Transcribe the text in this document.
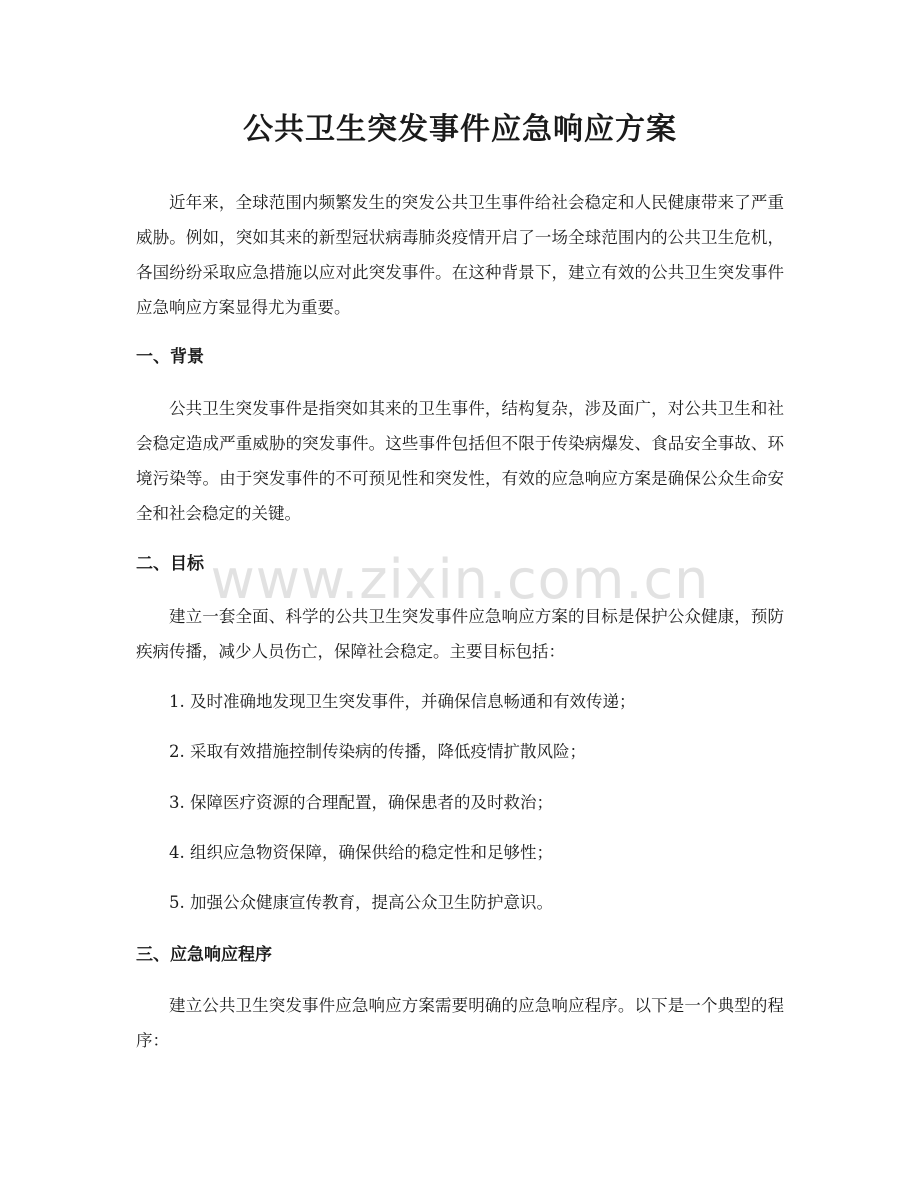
公共卫生突发事件应急响应方案

近年来，全球范围内频繁发生的突发公共卫生事件给社会稳定和人民健康带来了严重威胁。例如，突如其来的新型冠状病毒肺炎疫情开启了一场全球范围内的公共卫生危机，各国纷纷采取应急措施以应对此突发事件。在这种背景下，建立有效的公共卫生突发事件应急响应方案显得尤为重要。

一、背景

公共卫生突发事件是指突如其来的卫生事件，结构复杂，涉及面广，对公共卫生和社会稳定造成严重威胁的突发事件。这些事件包括但不限于传染病爆发、食品安全事故、环境污染等。由于突发事件的不可预见性和突发性，有效的应急响应方案是确保公众生命安全和社会稳定的关键。

二、目标

建立一套全面、科学的公共卫生突发事件应急响应方案的目标是保护公众健康，预防疾病传播，减少人员伤亡，保障社会稳定。主要目标包括：

1. 及时准确地发现卫生突发事件，并确保信息畅通和有效传递；

2. 采取有效措施控制传染病的传播，降低疫情扩散风险；

3. 保障医疗资源的合理配置，确保患者的及时救治；

4. 组织应急物资保障，确保供给的稳定性和足够性；

5. 加强公众健康宣传教育，提高公众卫生防护意识。

三、应急响应程序

建立公共卫生突发事件应急响应方案需要明确的应急响应程序。以下是一个典型的程序：

www.zixin.com.cn
